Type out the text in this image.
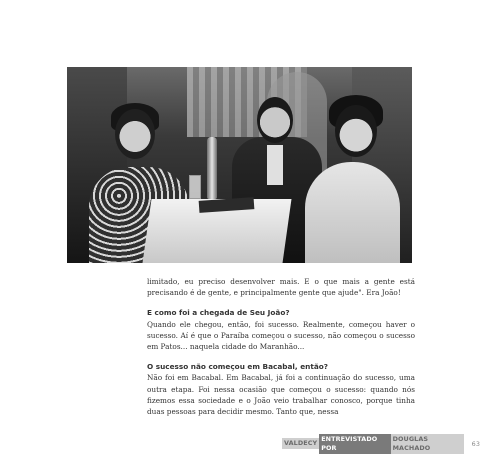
limitado, eu preciso desenvolver mais. E o que mais a gente está precisando é de gente, e principalmente gente que ajude". Era João!

E como foi a chegada de Seu João?

Quando ele chegou, então, foi sucesso. Realmente, começou haver o sucesso. Aí é que o Paraíba começou o sucesso, não começou o sucesso em Patos... naquela cidade do Maranhão...

O sucesso não começou em Bacabal, então?

Não foi em Bacabal. Em Bacabal, já foi a continuação do sucesso, uma outra etapa. Foi nessa ocasião que começou o sucesso: quando nós fizemos essa sociedade e o João veio trabalhar conosco, porque tinha duas pessoas para decidir mesmo. Tanto que, nessa

VALDECY
ENTREVISTADO POR
DOUGLAS MACHADO	63
